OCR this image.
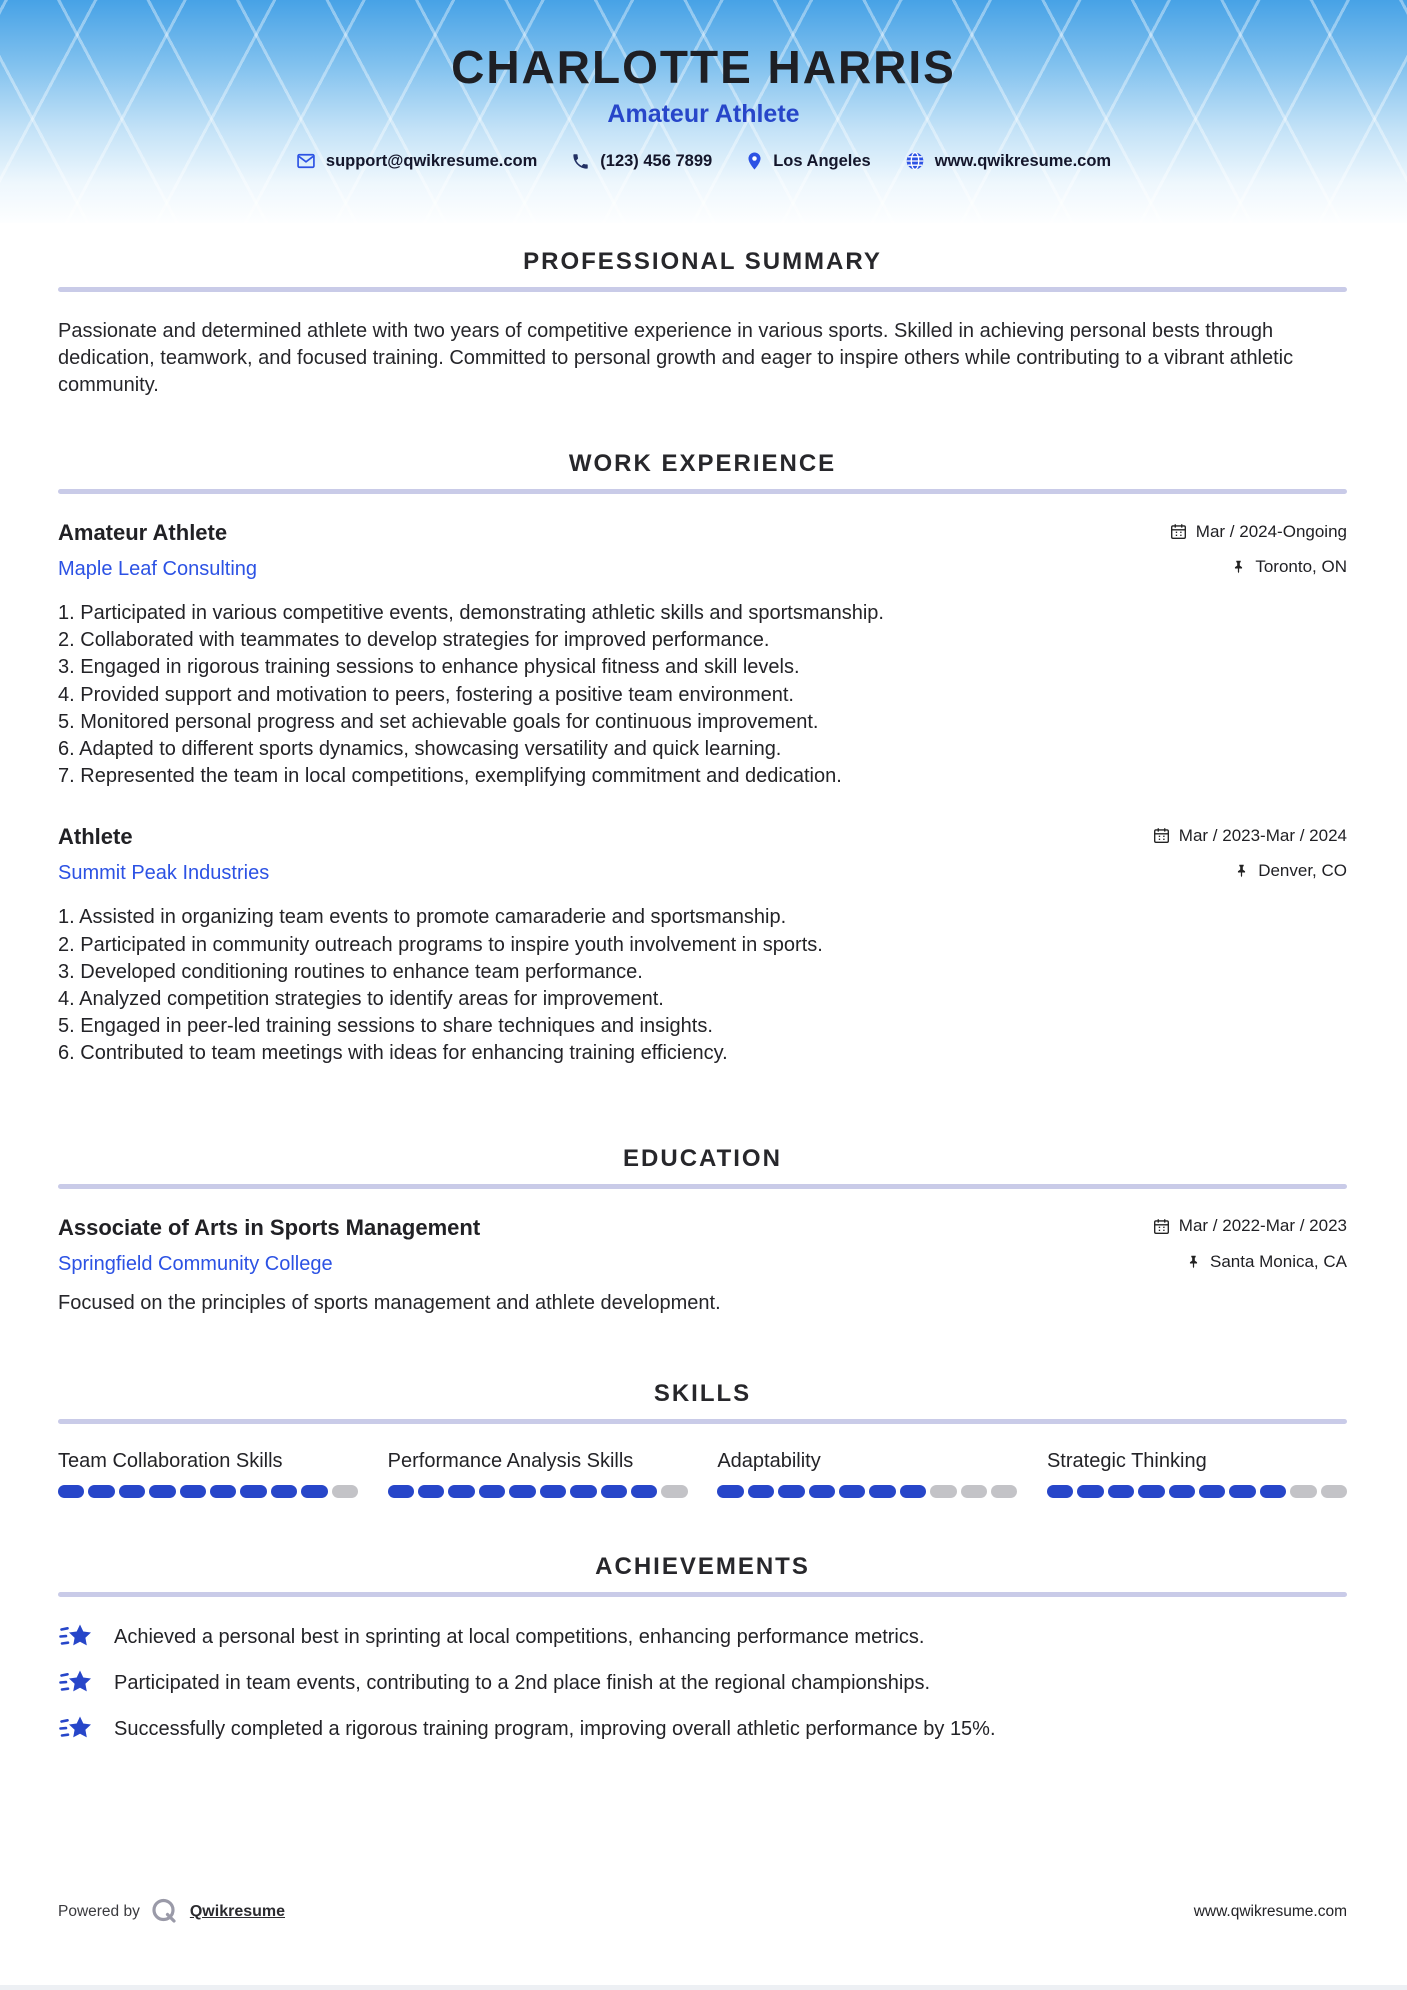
CHARLOTTE HARRIS
Amateur Athlete
support@qwikresume.com	(123) 456 7899	Los Angeles	www.qwikresume.com
PROFESSIONAL SUMMARY

Passionate and determined athlete with two years of competitive experience in various sports. Skilled in achieving personal bests through dedication, teamwork, and focused training. Committed to personal growth and eager to inspire others while contributing to a vibrant athletic community.

WORK EXPERIENCE
Amateur Athlete	Mar / 2024-Ongoing
Maple Leaf Consulting	Toronto, ON
Participated in various competitive events, demonstrating athletic skills and sportsmanship.
Collaborated with teammates to develop strategies for improved performance.
Engaged in rigorous training sessions to enhance physical fitness and skill levels.
Provided support and motivation to peers, fostering a positive team environment.
Monitored personal progress and set achievable goals for continuous improvement.
Adapted to different sports dynamics, showcasing versatility and quick learning.
Represented the team in local competitions, exemplifying commitment and dedication.
Athlete	Mar / 2023-Mar / 2024
Summit Peak Industries	Denver, CO
Assisted in organizing team events to promote camaraderie and sportsmanship.
Participated in community outreach programs to inspire youth involvement in sports.
Developed conditioning routines to enhance team performance.
Analyzed competition strategies to identify areas for improvement.
Engaged in peer-led training sessions to share techniques and insights.
Contributed to team meetings with ideas for enhancing training efficiency.
EDUCATION
Associate of Arts in Sports Management	Mar / 2022-Mar / 2023
Springfield Community College	Santa Monica, CA

Focused on the principles of sports management and athlete development.

SKILLS
Team Collaboration Skills	Performance Analysis Skills	Adaptability	Strategic Thinking
ACHIEVEMENTS
Achieved a personal best in sprinting at local competitions, enhancing performance metrics.
Participated in team events, contributing to a 2nd place finish at the regional championships.
Successfully completed a rigorous training program, improving overall athletic performance by 15%.
Powered by	Qwikresume	www.qwikresume.com
